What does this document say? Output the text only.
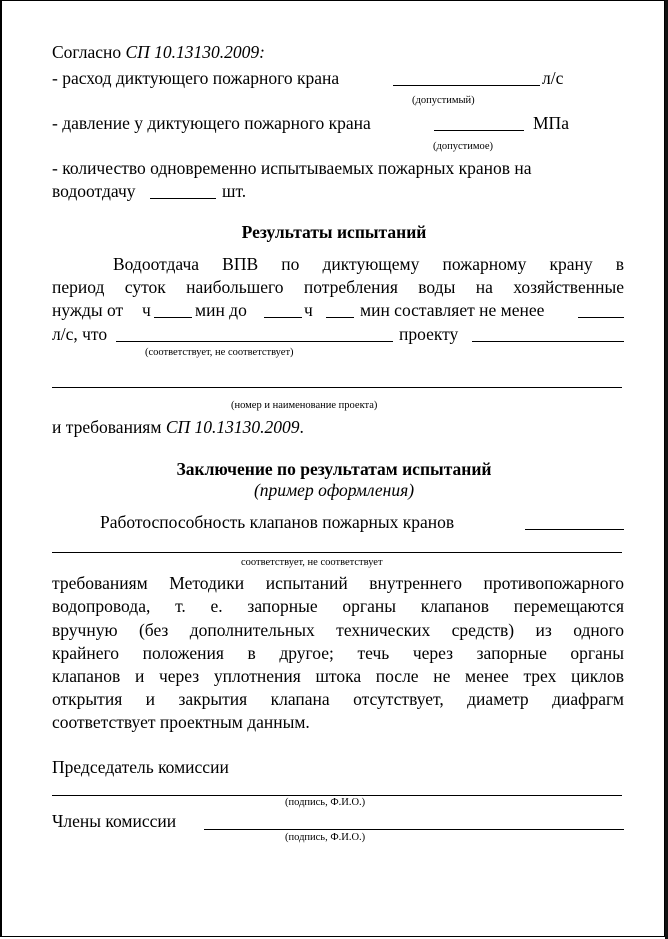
Согласно СП 10.13130.2009:
- расход диктующего пожарного крана	л/с
(допустимый)
- давление у диктующего пожарного крана	МПа
(допустимое)
- количество одновременно испытываемых пожарных кранов на
водоотдачу	шт.
Результаты испытаний
Водоотдача ВПВ по диктующему пожарному крану в
период суток наибольшего потребления воды на хозяйственные
нужды от ч	мин до	ч	мин составляет не менее
л/с, что	проекту
(соответствует, не соответствует)
(номер и наименование проекта)
и требованиям СП 10.13130.2009.
Заключение по результатам испытаний
(пример оформления)
Работоспособность клапанов пожарных кранов
соответствует, не соответствует
требованиям Методики испытаний внутреннего противопожарного
водопровода, т. е. запорные органы клапанов перемещаются
вручную (без дополнительных технических средств) из одного
крайнего положения в другое; течь через запорные органы
клапанов и через уплотнения штока после не менее трех циклов
открытия и закрытия клапана отсутствует, диаметр диафрагм
соответствует проектным данным.
Председатель комиссии
(подпись, Ф.И.О.)
Члены комиссии
(подпись, Ф.И.О.)
